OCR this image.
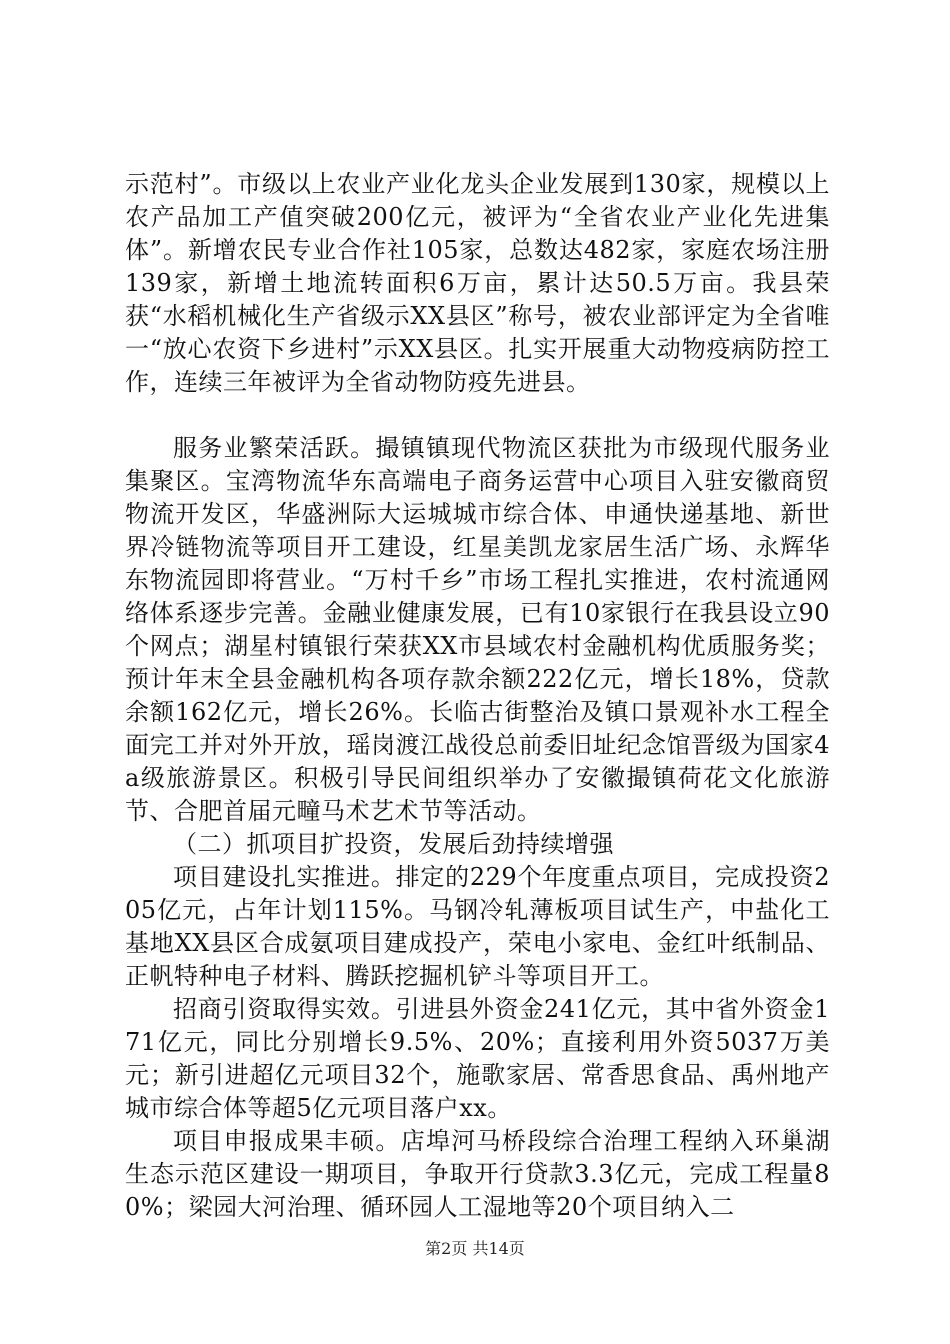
示范村”。市级以上农业产业化龙头企业发展到130家，规模以上农产品加工产值突破200亿元，被评为“全省农业产业化先进集体”。新增农民专业合作社105家，总数达482家，家庭农场注册139家，新增土地流转面积6万亩，累计达50.5万亩。我县荣获“水稻机械化生产省级示XX县区”称号，被农业部评定为全省唯一“放心农资下乡进村”示XX县区。扎实开展重大动物疫病防控工作，连续三年被评为全省动物防疫先进县。

服务业繁荣活跃。撮镇镇现代物流区获批为市级现代服务业集聚区。宝湾物流华东高端电子商务运营中心项目入驻安徽商贸物流开发区，华盛洲际大运城城市综合体、申通快递基地、新世界冷链物流等项目开工建设，红星美凯龙家居生活广场、永辉华东物流园即将营业。“万村千乡”市场工程扎实推进，农村流通网络体系逐步完善。金融业健康发展，已有10家银行在我县设立90个网点；湖星村镇银行荣获XX市县域农村金融机构优质服务奖；预计年末全县金融机构各项存款余额222亿元，增长18%，贷款余额162亿元，增长26%。长临古街整治及镇口景观补水工程全面完工并对外开放，瑶岗渡江战役总前委旧址纪念馆晋级为国家4a级旅游景区。积极引导民间组织举办了安徽撮镇荷花文化旅游节、合肥首届元疃马术艺术节等活动。

（二）抓项目扩投资，发展后劲持续增强

项目建设扎实推进。排定的229个年度重点项目，完成投资205亿元，占年计划115%。马钢冷轧薄板项目试生产，中盐化工基地XX县区合成氨项目建成投产，荣电小家电、金红叶纸制品、正帆特种电子材料、腾跃挖掘机铲斗等项目开工。

招商引资取得实效。引进县外资金241亿元，其中省外资金171亿元，同比分别增长9.5%、20%；直接利用外资5037万美元；新引进超亿元项目32个，施歌家居、常香思食品、禹州地产城市综合体等超5亿元项目落户xx。

项目申报成果丰硕。店埠河马桥段综合治理工程纳入环巢湖生态示范区建设一期项目，争取开行贷款3.3亿元，完成工程量80%；梁园大河治理、循环园人工湿地等20个项目纳入二

第2页 共14页
